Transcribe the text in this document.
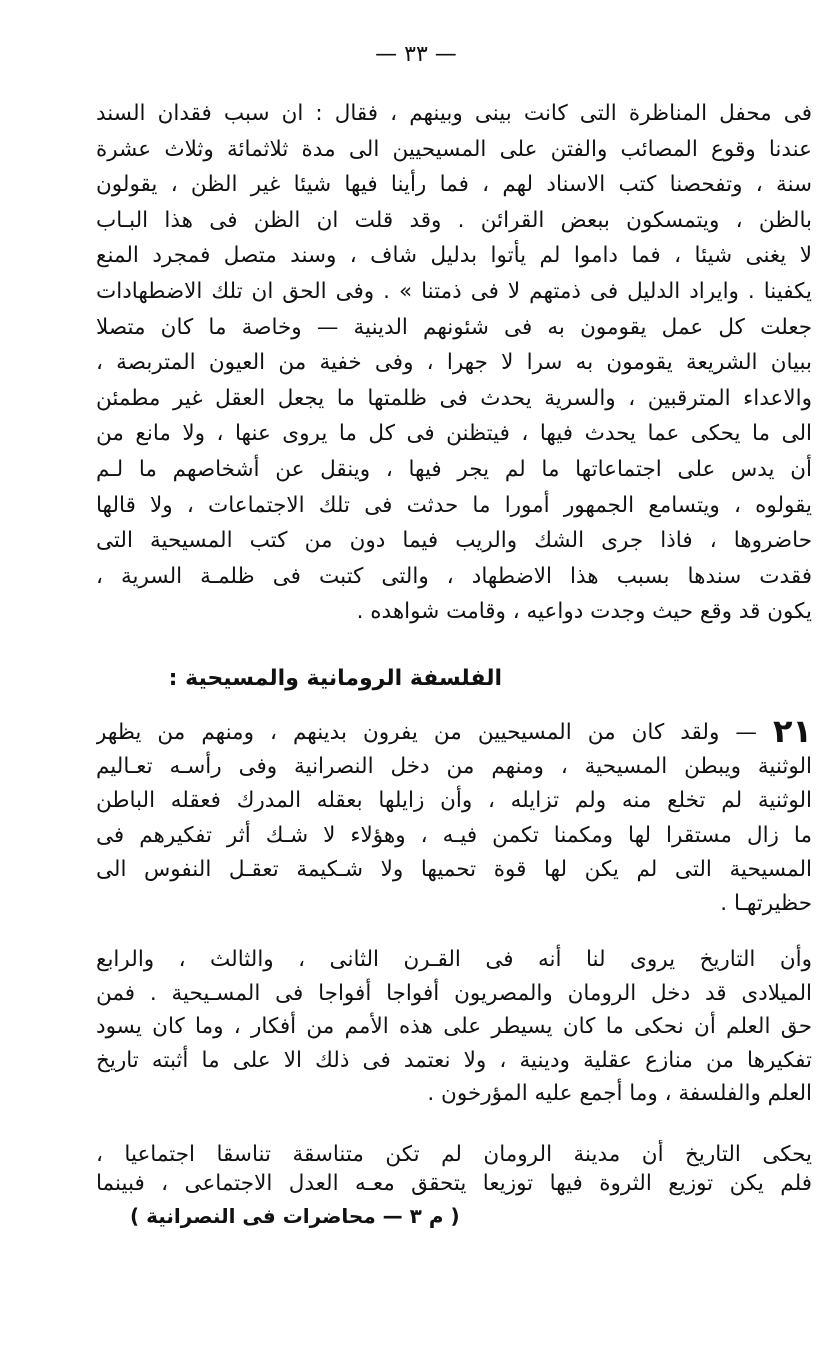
— ٣٣ —
فى محفل المناظرة التى كانت بينى وبينهم ، فقال : ان سبب فقدان السند
عندنا وقوع المصائب والفتن على المسيحيين الى مدة ثلاثمائة وثلاث عشرة
سنة ، وتفحصنا كتب الاسناد لهم ، فما رأينا فيها شيئا غير الظن ، يقولون
بالظن ، ويتمسكون ببعض القرائن . وقد قلت ان الظن فى هذا البـاب
لا يغنى شيئا ، فما داموا لم يأتوا بدليل شاف ، وسند متصل فمجرد المنع
يكفينا . وايراد الدليل فى ذمتهم لا فى ذمتنا » . وفى الحق ان تلك الاضطهادات
جعلت كل عمل يقومون به فى شئونهم الدينية — وخاصة ما كان متصلا
ببيان الشريعة يقومون به سرا لا جهرا ، وفى خفية من العيون المتربصة ،
والاعداء المترقبين ، والسرية يحدث فى ظلمتها ما يجعل العقل غير مطمئن
الى ما يحكى عما يحدث فيها ، فيتظنن فى كل ما يروى عنها ، ولا مانع من
أن يدس على اجتماعاتها ما لم يجر فيها ، وينقل عن أشخاصهم ما لـم
يقولوه ، ويتسامع الجمهور أمورا ما حدثت فى تلك الاجتماعات ، ولا قالها
حاضروها ، فاذا جرى الشك والريب فيما دون من كتب المسيحية التى
فقدت سندها بسبب هذا الاضطهاد ، والتى كتبت فى ظلمـة السرية ،
يكون قد وقع حيث وجدت دواعيه ، وقامت شواهده .
الفلسفة الرومانية والمسيحية :
٢١ — ولقد كان من المسيحيين من يفرون بدينهم ، ومنهم من يظهر
الوثنية ويبطن المسيحية ، ومنهم من دخل النصرانية وفى رأسـه تعـاليم
الوثنية لم تخلع منه ولم تزايله ، وأن زايلها بعقله المدرك فعقله الباطن
ما زال مستقرا لها ومكمنا تكمن فيـه ، وهؤلاء لا شـك أثر تفكيرهم فى
المسيحية التى لم يكن لها قوة تحميها ولا شـكيمة تعقـل النفوس الى
حظيرتهـا .
وأن التاريخ يروى لنا أنه فى القـرن الثانى ، والثالث ، والرابع
الميلادى قد دخل الرومان والمصريون أفواجا أفواجا فى المسـيحية . فمن
حق العلم أن نحكى ما كان يسيطر على هذه الأمم من أفكار ، وما كان يسود
تفكيرها من منازع عقلية ودينية ، ولا نعتمد فى ذلك الا على ما أثبته تاريخ
العلم والفلسفة ، وما أجمع عليه المؤرخون .
يحكى التاريخ أن مدينة الرومان لم تكن متناسقة تناسقا اجتماعيا ،
فلم يكن توزيع الثروة فيها توزيعا يتحقق معـه العدل الاجتماعى ، فبينما
( م ٣ — محاضرات فى النصرانية )
